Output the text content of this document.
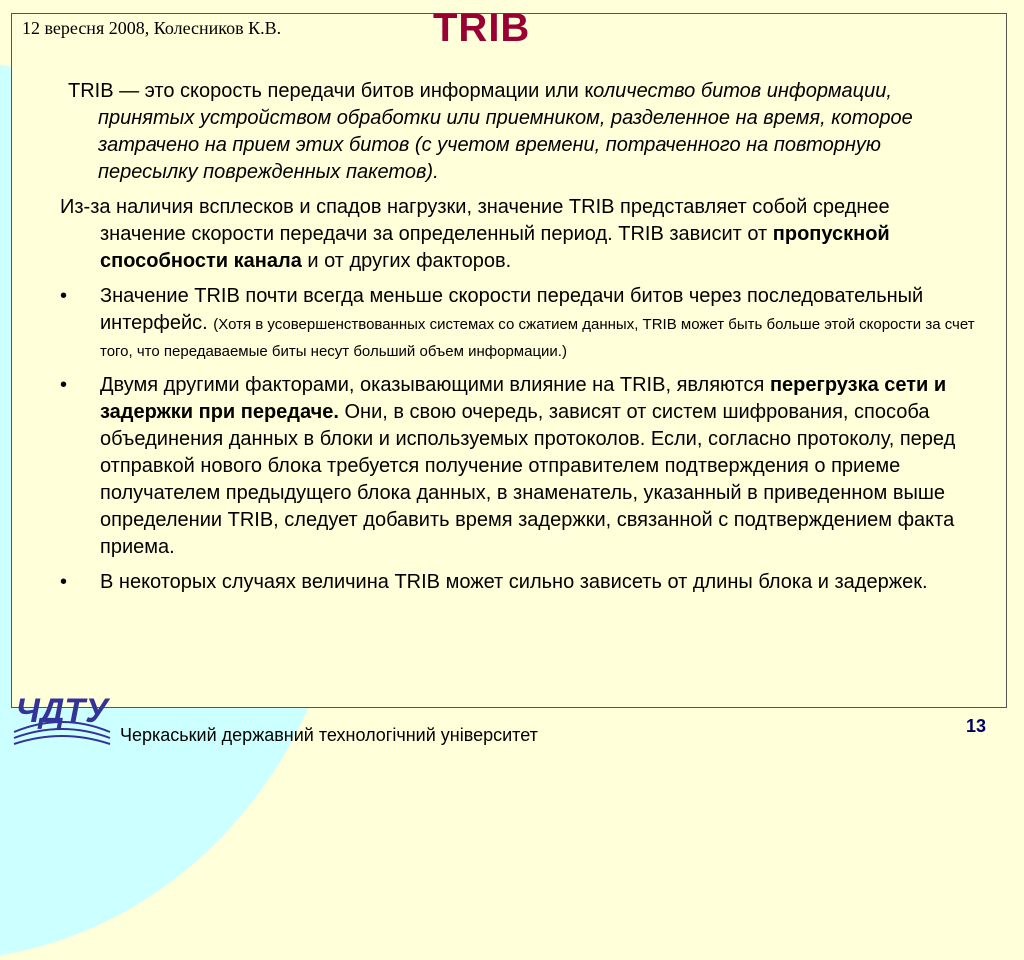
12 вересня 2008, Колесников К.В.	TRIB

TRIB — это скорость передачи битов информации или количество битов информации, принятых устройством обработки или приемником, разделенное на время, которое затрачено на прием этих битов (с учетом времени, потраченного на повторную пересылку поврежденных пакетов).

Из-за наличия всплесков и спадов нагрузки, значение TRIB представляет собой среднее значение скорости передачи за определенный период. TRIB зависит от пропускной способности канала и от других факторов.

• Значение TRIB почти всегда меньше скорости передачи битов через последовательный интерфейс. (Хотя в усовершенствованных системах со сжатием данных, TRIB может быть больше этой скорости за счет того, что передаваемые биты несут больший объем информации.)
• Двумя другими факторами, оказывающими влияние на TRIB, являются перегрузка сети и задержки при передаче. Они, в свою очередь, зависят от систем шифрования, способа объединения данных в блоки и используемых протоколов. Если, согласно протоколу, перед отправкой нового блока требуется получение отправителем подтверждения о приеме получателем предыдущего блока данных, в знаменатель, указанный в приведенном выше определении TRIB, следует добавить время задержки, связанной с подтверждением факта приема.
• В некоторых случаях величина TRIB может сильно зависеть от длины блока и задержек.
ЧДТУ
Черкаський державний технологічний університет	13
